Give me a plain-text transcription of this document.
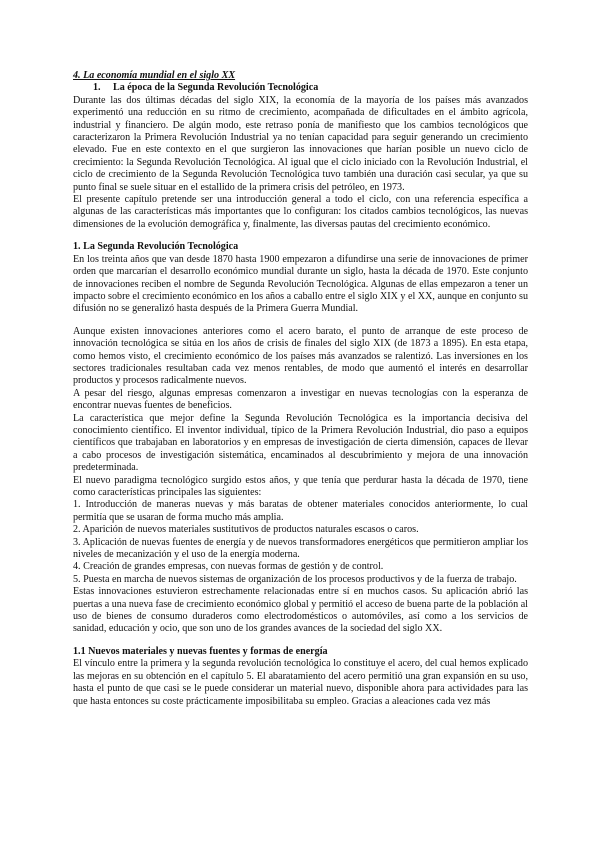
4. La economía mundial en el siglo XX

1. La época de la Segunda Revolución Tecnológica

Durante las dos últimas décadas del siglo XIX, la economía de la mayoría de los países más avanzados experimentó una reducción en su ritmo de crecimiento, acompañada de dificultades en el ámbito agrícola, industrial y financiero. De algún modo, este retraso ponía de manifiesto que los cambios tecnológicos que caracterizaron la Primera Revolución Industrial ya no tenían capacidad para seguir generando un crecimiento elevado. Fue en este contexto en el que surgieron las innovaciones que harían posible un nuevo ciclo de crecimiento: la Segunda Revolución Tecnológica. Al igual que el ciclo iniciado con la Revolución Industrial, el ciclo de crecimiento de la Segunda Revolución Tecnológica tuvo también una duración casi secular, ya que su punto final se suele situar en el estallido de la primera crisis del petróleo, en 1973.

El presente capítulo pretende ser una introducción general a todo el ciclo, con una referencia específica a algunas de las características más importantes que lo configuran: los citados cambios tecnológicos, las nuevas dimensiones de la evolución demográfica y, finalmente, las diversas pautas del crecimiento económico.

1. La Segunda Revolución Tecnológica

En los treinta años que van desde 1870 hasta 1900 empezaron a difundirse una serie de innovaciones de primer orden que marcarían el desarrollo económico mundial durante un siglo, hasta la década de 1970. Este conjunto de innovaciones reciben el nombre de Segunda Revolución Tecnológica. Algunas de ellas empezaron a tener un impacto sobre el crecimiento económico en los años a caballo entre el siglo XIX y el XX, aunque en conjunto su difusión no se generalizó hasta después de la Primera Guerra Mundial.

Aunque existen innovaciones anteriores como el acero barato, el punto de arranque de este proceso de innovación tecnológica se sitúa en los años de crisis de finales del siglo XIX (de 1873 a 1895). En esta etapa, como hemos visto, el crecimiento económico de los países más avanzados se ralentizó. Las inversiones en los sectores tradicionales resultaban cada vez menos rentables, de modo que aumentó el interés en desarrollar productos y procesos radicalmente nuevos.

A pesar del riesgo, algunas empresas comenzaron a investigar en nuevas tecnologías con la esperanza de encontrar nuevas fuentes de beneficios.

La característica que mejor define la Segunda Revolución Tecnológica es la importancia decisiva del conocimiento científico. El inventor individual, típico de la Primera Revolución Industrial, dio paso a equipos científicos que trabajaban en laboratorios y en empresas de investigación de cierta dimensión, capaces de llevar a cabo procesos de investigación sistemática, encaminados al descubrimiento y mejora de una innovación predeterminada.

El nuevo paradigma tecnológico surgido estos años, y que tenía que perdurar hasta la década de 1970, tiene como características principales las siguientes:

1. Introducción de maneras nuevas y más baratas de obtener materiales conocidos anteriormente, lo cual permitía que se usaran de forma mucho más amplia.

2. Aparición de nuevos materiales sustitutivos de productos naturales escasos o caros.

3. Aplicación de nuevas fuentes de energía y de nuevos transformadores energéticos que permitieron ampliar los niveles de mecanización y el uso de la energía moderna.

4. Creación de grandes empresas, con nuevas formas de gestión y de control.

5. Puesta en marcha de nuevos sistemas de organización de los procesos productivos y de la fuerza de trabajo.

Estas innovaciones estuvieron estrechamente relacionadas entre sí en muchos casos. Su aplicación abrió las puertas a una nueva fase de crecimiento económico global y permitió el acceso de buena parte de la población al uso de bienes de consumo duraderos como electrodomésticos o automóviles, así como a los servicios de sanidad, educación y ocio, que son uno de los grandes avances de la sociedad del siglo XX.

1.1 Nuevos materiales y nuevas fuentes y formas de energía

El vínculo entre la primera y la segunda revolución tecnológica lo constituye el acero, del cual hemos explicado las mejoras en su obtención en el capítulo 5. El abaratamiento del acero permitió una gran expansión en su uso, hasta el punto de que casi se le puede considerar un material nuevo, disponible ahora para actividades para las que hasta entonces su coste prácticamente imposibilitaba su empleo. Gracias a aleaciones cada vez más
